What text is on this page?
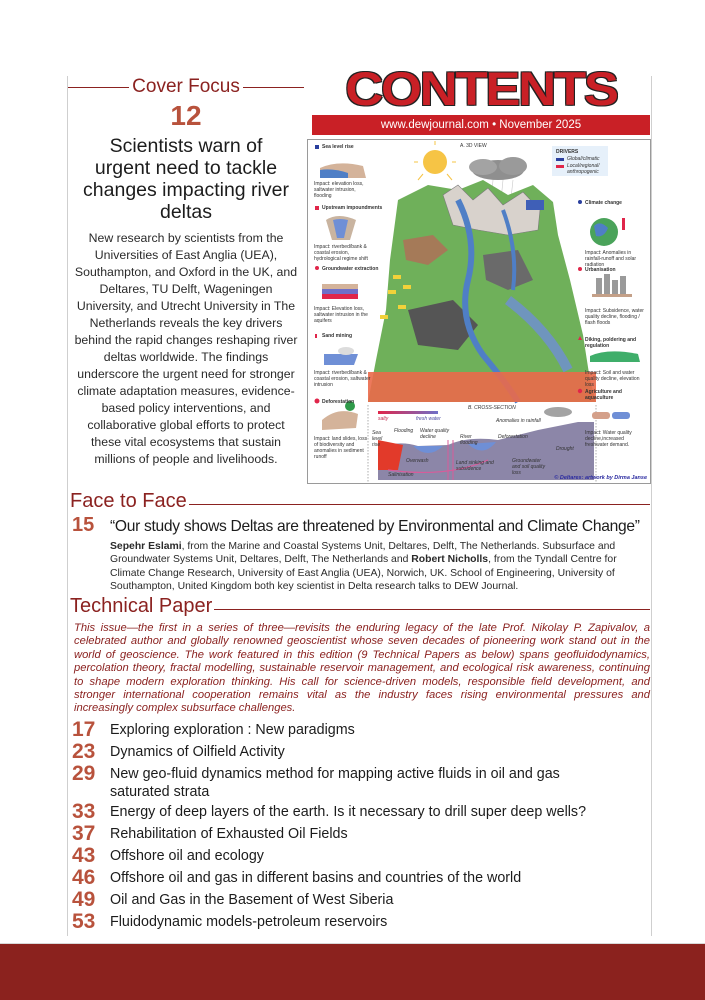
Cover Focus
12
Scientists warn of urgent need to tackle changes impacting river deltas

New research by scientists from the Universities of East Anglia (UEA), Southampton, and Oxford in the UK, and Deltares, TU Delft, Wageningen University, and Utrecht University in The Netherlands reveals the key drivers behind the rapid changes reshaping river deltas worldwide. The findings underscore the urgent need for stronger climate adaptation measures, evidence-based policy interventions, and collaborative global efforts to protect these vital ecosystems that sustain millions of people and livelihoods.

CONTENTS
www.dewjournal.com • November 2025
A. 3D VIEW
DRIVERS
Global/climatic
Local/regional/ anthropogenic
Sea level rise
Impact: elevation loss, saltwater intrusion, flooding
Upstream impoundments
Impact: riverbed/bank & coastal erosion, hydrological regime shift
Groundwater extraction
Impact: Elevation loss, saltwater intrusion in the aquifers
Sand mining
Impact: riverbed/bank & coastal erosion, saltwater intrusion
Deforestation
Impact: land slides, loss of biodiversity and anomalies in sediment runoff
Climate change
Impact: Anomalies in rainfall-runoff and solar radiation
Urbanisation
Impact: Subsidence, water quality decline, flooding / flash floods
Diking, poldering and regulation
Impact: Soil and water quality decline, elevation loss
Agriculture and aquaculture
Impact: Water quality decline,increased freshwater demand.
B. CROSS-SECTION
salty	fresh water
Sea level rise
Flooding Water quality decline	River flooding
Deforestation
Anomalies in rainfall
Drought
Overwash	Land sinking and subsidence
Groundwater and soil quality loss
Salinisation	© Deltares: artwork by Dirma Janse
Face to Face
15	“Our study shows Deltas are threatened by Environmental and Climate Change”

Sepehr Eslami, from the Marine and Coastal Systems Unit, Deltares, Delft, The Netherlands. Subsurface and Groundwater Systems Unit, Deltares, Delft, The Netherlands and Robert Nicholls, from the Tyndall Centre for Climate Change Research, University of East Anglia (UEA), Norwich, UK. School of Engineering, University of Southampton, United Kingdom both key scientist in Delta research talks to DEW Journal.

Technical Paper

This issue—the first in a series of three—revisits the enduring legacy of the late Prof. Nikolay P. Zapivalov, a celebrated author and globally renowned geoscientist whose seven decades of pioneering work stand out in the world of geoscience. The work featured in this edition (9 Technical Papers as below) spans geofluidodynamics, percolation theory, fractal modelling, sustainable reservoir management, and ecological risk awareness, continuing to shape modern exploration thinking. His call for science-driven models, responsible field development, and stronger international cooperation remains vital as the industry faces rising environmental pressures and increasingly complex subsurface challenges.

17	Exploring exploration : New paradigms
23	Dynamics of Oilfield Activity
29	New geo-fluid dynamics method for mapping active fluids in oil and gas saturated strata
33	Energy of deep layers of the earth. Is it necessary to drill super deep wells?
37	Rehabilitation of Exhausted Oil Fields
43	Offshore oil and ecology
46	Offshore oil and gas in different basins and countries of the world
49	Oil and Gas in the Basement of West Siberia
53	Fluidodynamic models-petroleum reservoirs
